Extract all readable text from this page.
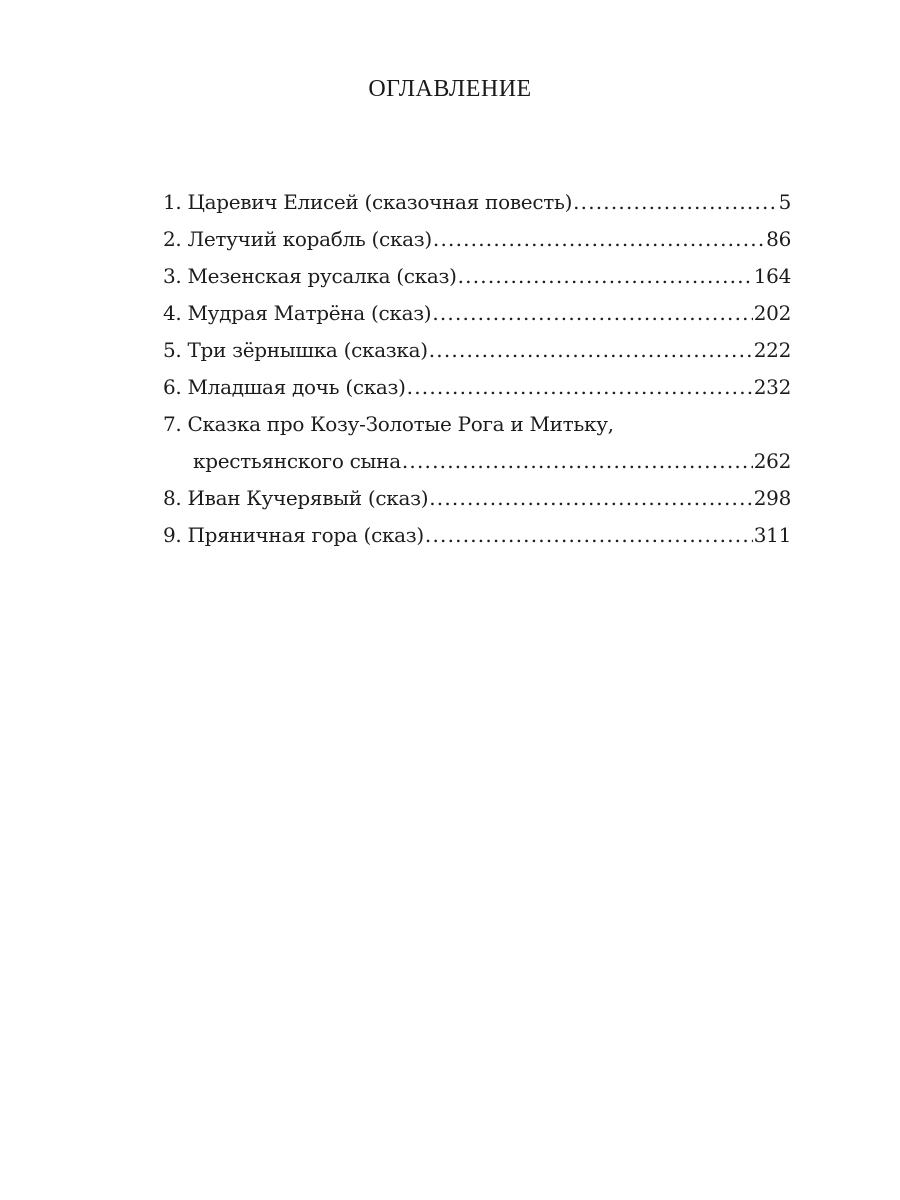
ОГЛАВЛЕНИЕ
1. Царевич Елисей (сказочная повесть) .....	5
2. Летучий корабль (сказ) .....	86
3. Мезенская русалка (сказ) .....	164
4. Мудрая Матрёна (сказ) .....	202
5. Три зёрнышка (сказка) .....	222
6. Младшая дочь (сказ) .....	232
7. Сказка про Козу-Золотые Рога и Митьку,
крестьянского сына .....	262
8. Иван Кучерявый (сказ) .....	298
9. Пряничная гора (сказ) .....	311
